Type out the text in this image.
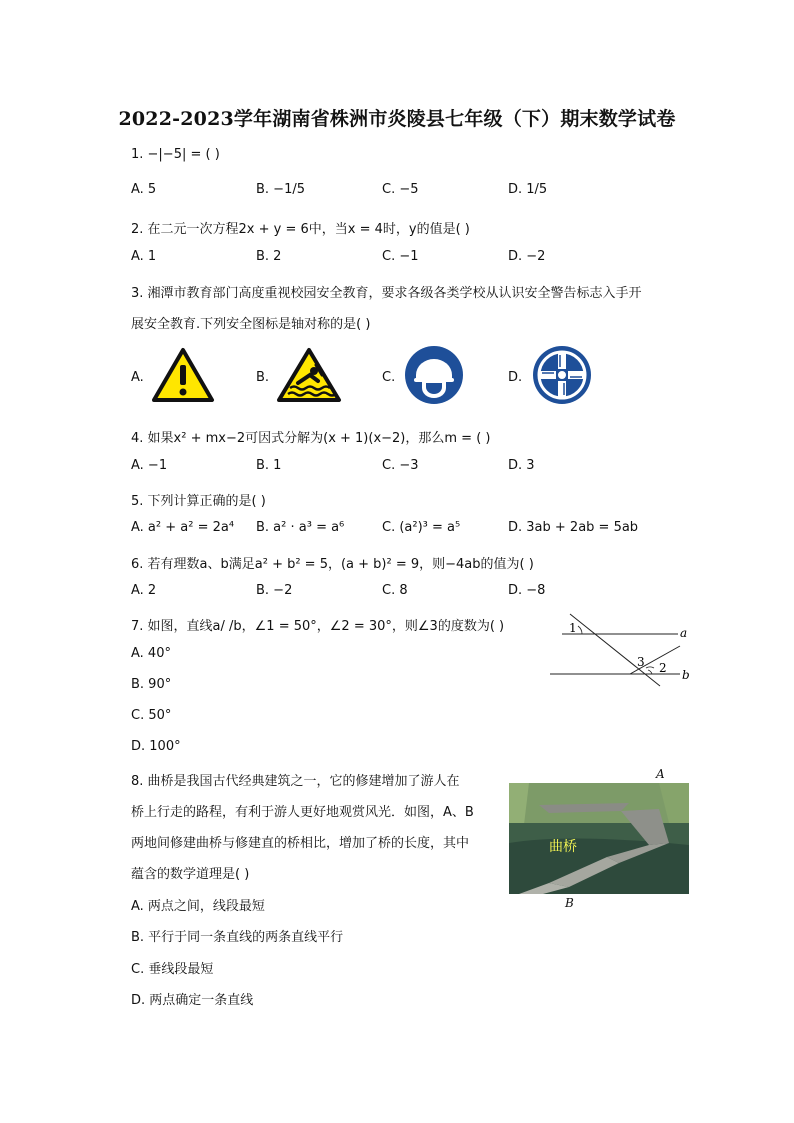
2022-2023学年湖南省株洲市炎陵县七年级（下）期末数学试卷
1. −|−5| = ( )
A. 5	B. −1/5	C. −5	D. 1/5
2. 在二元一次方程2x + y = 6中，当x = 4时，y的值是( )
A. 1	B. 2	C. −1	D. −2
3. 湘潭市教育部门高度重视校园安全教育，要求各级各类学校从认识安全警告标志入手开
展安全教育.下列安全图标是轴对称的是( )
A.	B.	C.	D.
4. 如果x² + mx−2可因式分解为(x + 1)(x−2)，那么m = ( )
A. −1	B. 1	C. −3	D. 3
5. 下列计算正确的是( )
A. a² + a² = 2a⁴ B. a² · a³ = a⁶	C. (a²)³ = a⁵	D. 3ab + 2ab = 5ab
6. 若有理数a、b满足a² + b² = 5，(a + b)² = 9，则−4ab的值为( )
A. 2	B. −2	C. 8	D. −8
7. 如图，直线a/ /b，∠1 = 50°，∠2 = 30°，则∠3的度数为( )
A. 40°
B. 90°
C. 50°
D. 100°
1
3 2
a
b
8. 曲桥是我国古代经典建筑之一，它的修建增加了游人在
桥上行走的路程，有利于游人更好地观赏风光．如图，A、B
两地间修建曲桥与修建直的桥相比，增加了桥的长度，其中
蕴含的数学道理是( )
A. 两点之间，线段最短
B. 平行于同一条直线的两条直线平行
C. 垂线段最短
D. 两点确定一条直线
A
曲桥
B
